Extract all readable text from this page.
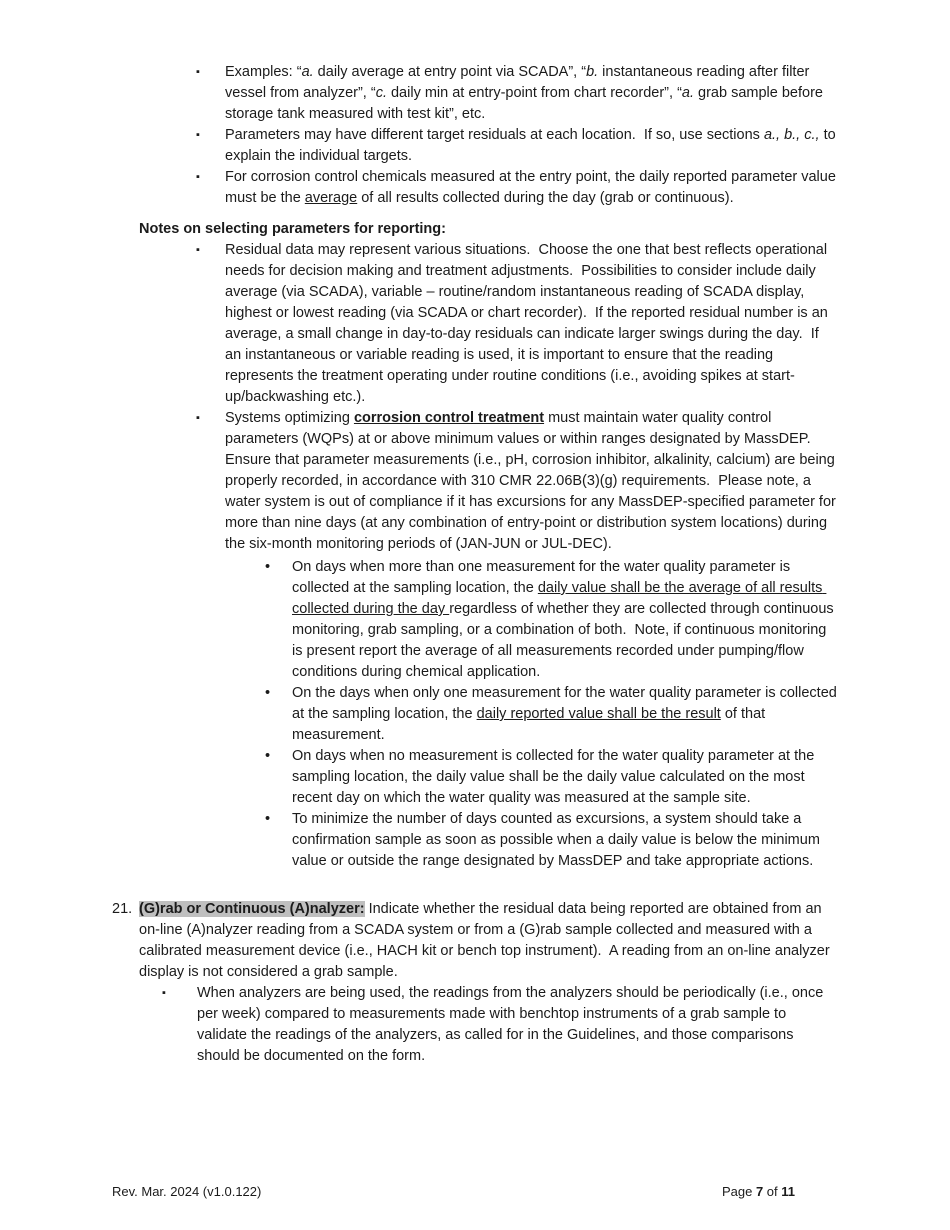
▪ Examples: “a. daily average at entry point via SCADA”, “b. instantaneous reading after filter vessel from analyzer”, “c. daily min at entry-point from chart recorder”, “a. grab sample before storage tank measured with test kit”, etc.
▪ Parameters may have different target residuals at each location.  If so, use sections a., b., c., to explain the individual targets.
▪ For corrosion control chemicals measured at the entry point, the daily reported parameter value must be the average of all results collected during the day (grab or continuous).
Notes on selecting parameters for reporting:
▪ Residual data may represent various situations.  Choose the one that best reflects operational needs for decision making and treatment adjustments.  Possibilities to consider include daily average (via SCADA), variable – routine/random instantaneous reading of SCADA display, highest or lowest reading (via SCADA or chart recorder).  If the reported residual number is an average, a small change in day-to-day residuals can indicate larger swings during the day.  If an instantaneous or variable reading is used, it is important to ensure that the reading represents the treatment operating under routine conditions (i.e., avoiding spikes at start-up/backwashing etc.).
▪ Systems optimizing corrosion control treatment must maintain water quality control parameters (WQPs) at or above minimum values or within ranges designated by MassDEP.  Ensure that parameter measurements (i.e., pH, corrosion inhibitor, alkalinity, calcium) are being properly recorded, in accordance with 310 CMR 22.06B(3)(g) requirements.  Please note, a water system is out of compliance if it has excursions for any MassDEP-specified parameter for more than nine days (at any combination of entry-point or distribution system locations) during the six-month monitoring periods of (JAN-JUN or JUL-DEC).
• On days when more than one measurement for the water quality parameter is collected at the sampling location, the daily value shall be the average of all results collected during the day regardless of whether they are collected through continuous monitoring, grab sampling, or a combination of both.  Note, if continuous monitoring is present report the average of all measurements recorded under pumping/flow conditions during chemical application.
• On the days when only one measurement for the water quality parameter is collected at the sampling location, the daily reported value shall be the result of that measurement.
• On days when no measurement is collected for the water quality parameter at the sampling location, the daily value shall be the daily value calculated on the most recent day on which the water quality was measured at the sample site.
• To minimize the number of days counted as excursions, a system should take a confirmation sample as soon as possible when a daily value is below the minimum value or outside the range designated by MassDEP and take appropriate actions.
21. (G)rab or Continuous (A)nalyzer: Indicate whether the residual data being reported are obtained from an on-line (A)nalyzer reading from a SCADA system or from a (G)rab sample collected and measured with a calibrated measurement device (i.e., HACH kit or bench top instrument).  A reading from an on-line analyzer display is not considered a grab sample.
▪ When analyzers are being used, the readings from the analyzers should be periodically (i.e., once per week) compared to measurements made with benchtop instruments of a grab sample to validate the readings of the analyzers, as called for in the Guidelines, and those comparisons should be documented on the form.
Rev. Mar. 2024 (v1.0.122)	Page 7 of 11
